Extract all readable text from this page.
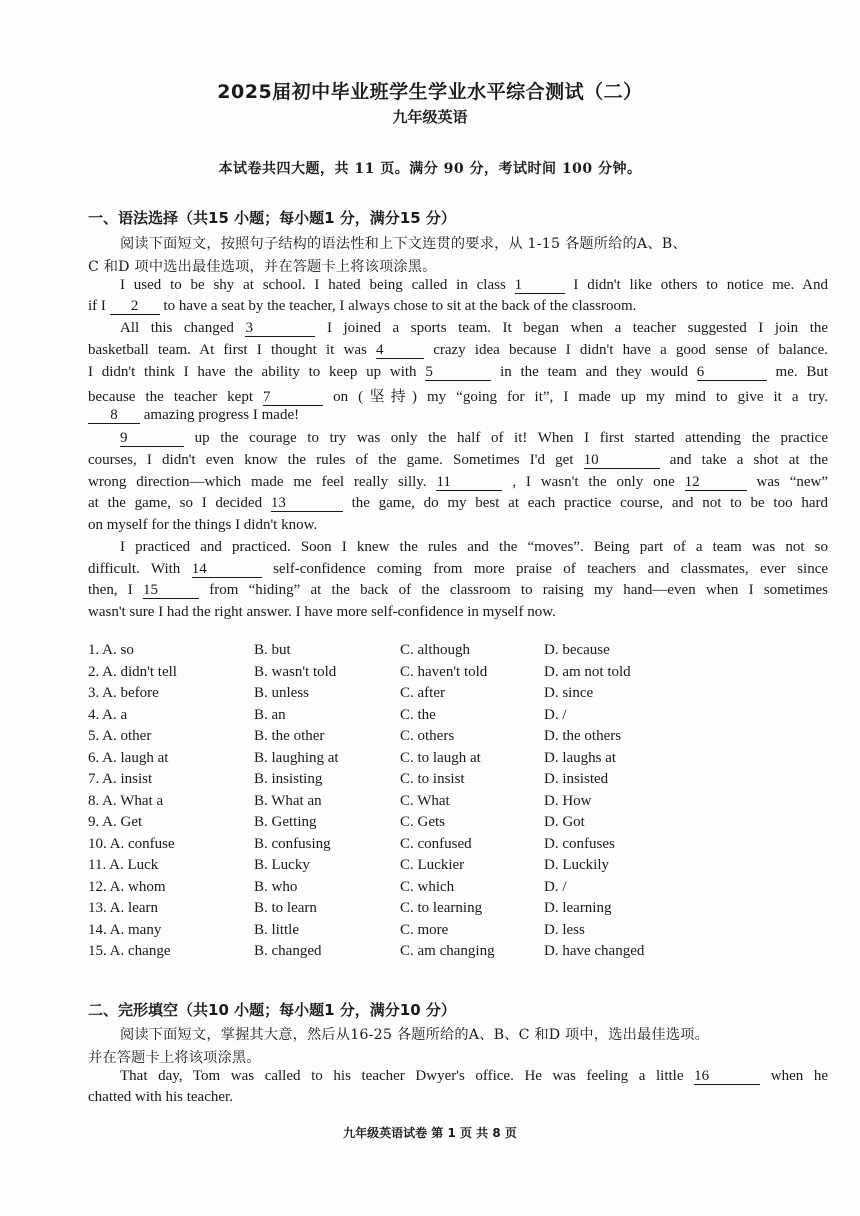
2025届初中毕业班学生学业水平综合测试（二）
九年级英语
本试卷共四大题，共 11 页。满分 90 分，考试时间 100 分钟。
一、语法选择（共15 小题；每小题1 分，满分15 分）
阅读下面短文，按照句子结构的语法性和上下文连贯的要求，从 1-15 各题所给的A、B、
C 和D 项中选出最佳选项，并在答题卡上将该项涂黑。
I used to be shy at school. I hated being called in class 1	I didn't like others to notice me. And
if I 2 to have a seat by the teacher, I always chose to sit at the back of the classroom.
All this changed 3	I joined a sports team. It began when a teacher suggested I join the
basketball team. At first I thought it was 4	crazy idea because I didn't have a good sense of balance.
I didn't think I have the ability to keep up with 5	in the team and they would 6	me. But
because the teacher kept 7	on (坚持) my “going for it”, I made up my mind to give it a try.
8 amazing progress I made!
9	up the courage to try was only the half of it! When I first started attending the practice
courses, I didn't even know the rules of the game. Sometimes I'd get 10	and take a shot at the
wrong direction—which made me feel really silly. 11	, I wasn't the only one 12	was “new”
at the game, so I decided 13	the game, do my best at each practice course, and not to be too hard
on myself for the things I didn't know.
I practiced and practiced. Soon I knew the rules and the “moves”. Being part of a team was not so
difficult. With 14	self-confidence coming from more praise of teachers and classmates, ever since
then, I 15	from “hiding” at the back of the classroom to raising my hand—even when I sometimes
wasn't sure I had the right answer. I have more self-confidence in myself now.
1. A. so	B. but	C. although	D. because
2. A. didn't tell	B. wasn't told	C. haven't told	D. am not told
3. A. before	B. unless	C. after	D. since
4. A. a	B. an	C. the	D. /
5. A. other	B. the other	C. others	D. the others
6. A. laugh at	B. laughing at	C. to laugh at	D. laughs at
7. A. insist	B. insisting	C. to insist	D. insisted
8. A. What a	B. What an	C. What	D. How
9. A. Get	B. Getting	C. Gets	D. Got
10. A. confuse	B. confusing	C. confused	D. confuses
11. A. Luck	B. Lucky	C. Luckier	D. Luckily
12. A. whom	B. who	C. which	D. /
13. A. learn	B. to learn	C. to learning	D. learning
14. A. many	B. little	C. more	D. less
15. A. change	B. changed	C. am changing	D. have changed
二、完形填空（共10 小题；每小题1 分，满分10 分）
阅读下面短文，掌握其大意，然后从16-25 各题所给的A、B、C 和D 项中，选出最佳选项。
并在答题卡上将该项涂黑。
That day, Tom was called to his teacher Dwyer's office. He was feeling a little 16	when he
chatted with his teacher.
九年级英语试卷 第 1 页 共 8 页
